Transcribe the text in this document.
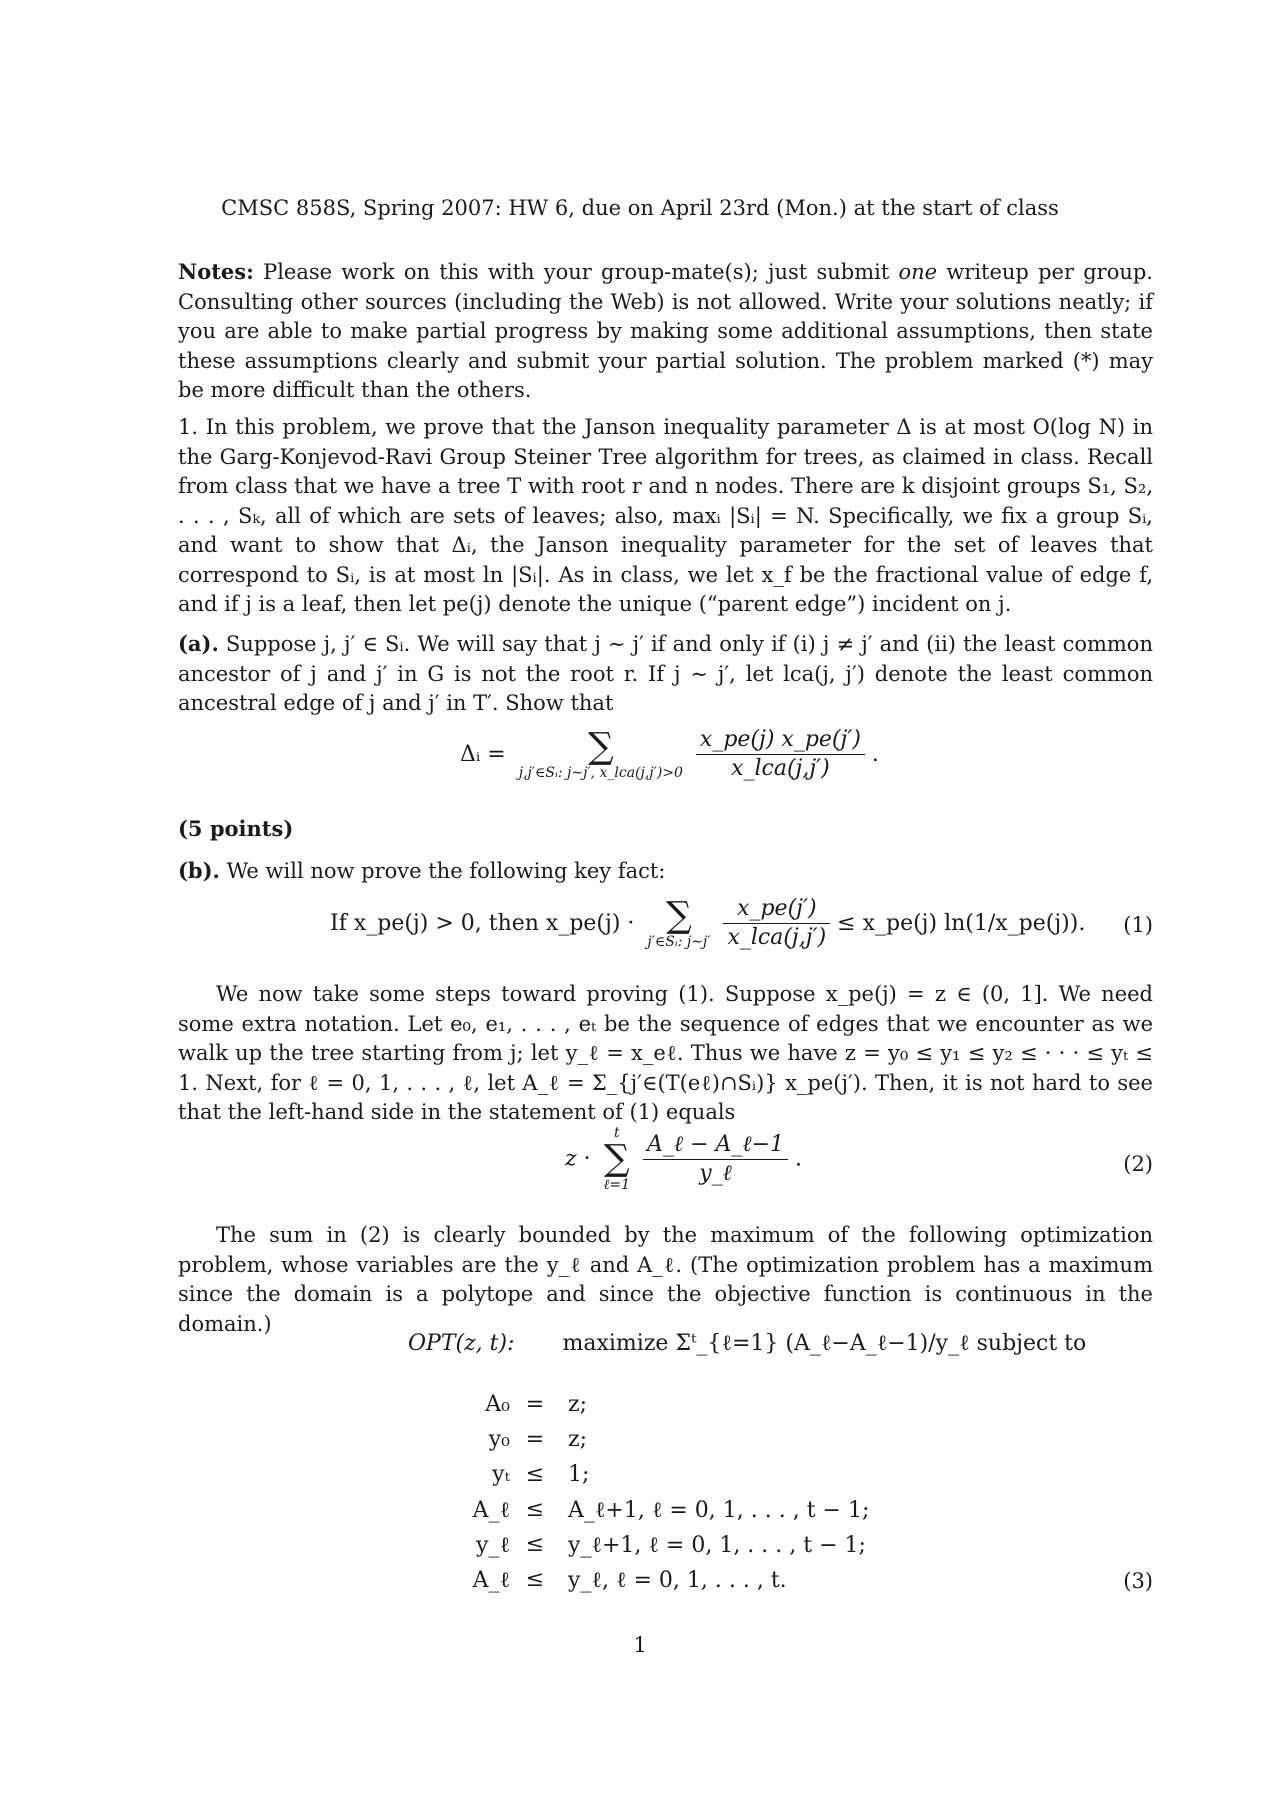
CMSC 858S, Spring 2007: HW 6, due on April 23rd (Mon.) at the start of class

Notes: Please work on this with your group-mate(s); just submit one writeup per group. Consulting other sources (including the Web) is not allowed. Write your solutions neatly; if you are able to make partial progress by making some additional assumptions, then state these assumptions clearly and submit your partial solution. The problem marked (*) may be more difficult than the others.

1. In this problem, we prove that the Janson inequality parameter Δ is at most O(log N) in the Garg-Konjevod-Ravi Group Steiner Tree algorithm for trees, as claimed in class. Recall from class that we have a tree T with root r and n nodes. There are k disjoint groups S₁, S₂, . . . , Sₖ, all of which are sets of leaves; also, maxᵢ |Sᵢ| = N. Specifically, we fix a group Sᵢ, and want to show that Δᵢ, the Janson inequality parameter for the set of leaves that correspond to Sᵢ, is at most ln |Sᵢ|. As in class, we let x_f be the fractional value of edge f, and if j is a leaf, then let pe(j) denote the unique (“parent edge”) incident on j.

(a). Suppose j, j′ ∈ Sᵢ. We will say that j ∼ j′ if and only if (i) j ≠ j′ and (ii) the least common ancestor of j and j′ in G is not the root r. If j ∼ j′, let lca(j, j′) denote the least common ancestral edge of j and j′ in T′. Show that

Δᵢ =	∑
j,j′∈Sᵢ: j∼j′, x_lca(j,j′)>0
$\frac{x\_pe(j) x\_pe(j')}{\text{x\_lca(j,j′)}}$ .
(5 points)
(b). We will now prove the following key fact:
If x_pe(j) > 0, then x_pe(j) · ∑
j′∈Sᵢ: j∼j′
$\frac{x\_pe(j')}{\text{x\_lca(j,j′)}}$ ≤ x_pe(j) ln(1/x_pe(j)). (1)

We now take some steps toward proving (1). Suppose x_pe(j) = z ∈ (0, 1]. We need some extra notation. Let e₀, e₁, . . . , eₜ be the sequence of edges that we encounter as we walk up the tree starting from j; let y_ℓ = x_eℓ. Thus we have z = y₀ ≤ y₁ ≤ y₂ ≤ · · · ≤ yₜ ≤ 1. Next, for ℓ = 0, 1, . . . , ℓ, let A_ℓ = Σ_{j′∈(T(eℓ)∩Sᵢ)} x_pe(j′). Then, it is not hard to see that the left-hand side in the statement of (1) equals

z ·
t
∑
ℓ=1
$\frac{\text{A\_ℓ − A\_ℓ−1}}{\text{y\_ℓ}}$ .	(2)

The sum in (2) is clearly bounded by the maximum of the following optimization problem, whose variables are the y_ℓ and A_ℓ. (The optimization problem has a maximum since the domain is a polytope and since the objective function is continuous in the domain.)

OPT(z, t): maximize Σᵗ_{ℓ=1} (A_ℓ−A_ℓ−1)/y_ℓ subject to
A₀ = z;
y₀ = z;
yₜ ≤ 1;
A_ℓ ≤ A_ℓ+1, ℓ = 0, 1, . . . , t − 1;
y_ℓ ≤ y_ℓ+1, ℓ = 0, 1, . . . , t − 1;
A_ℓ ≤ y_ℓ, ℓ = 0, 1, . . . , t.	(3)
1
